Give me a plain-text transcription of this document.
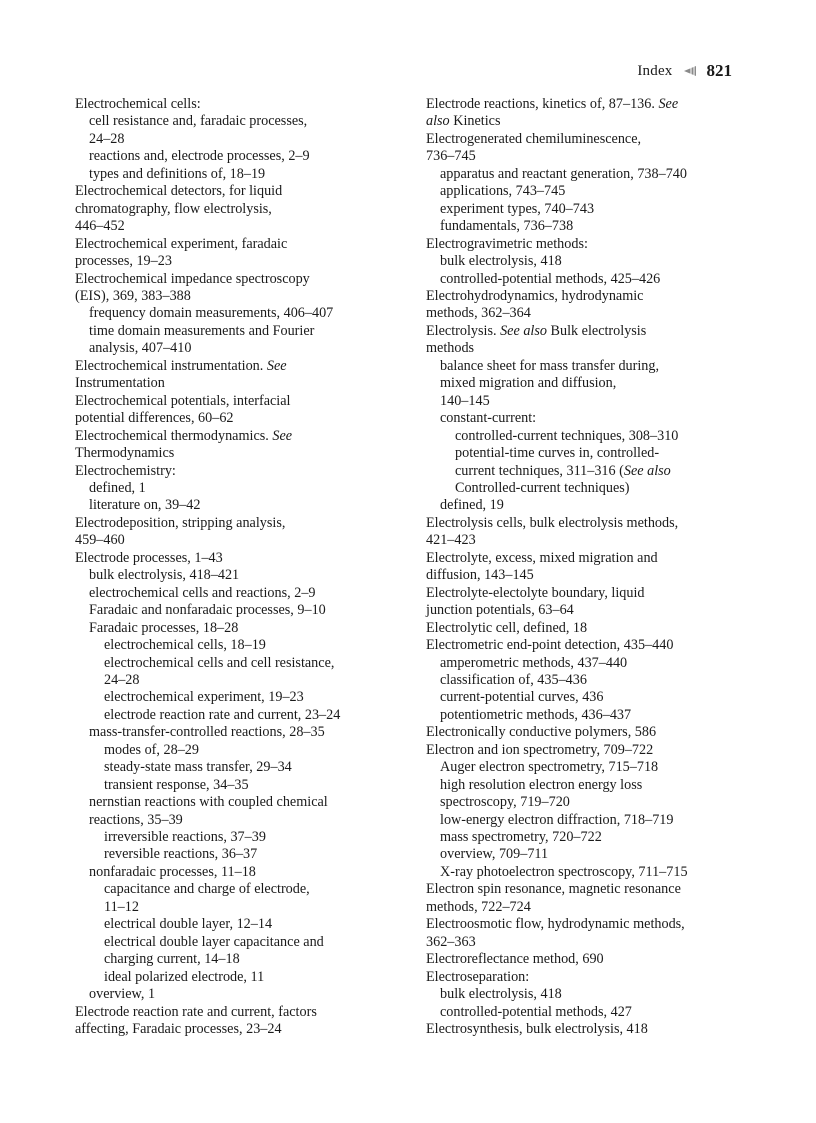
Index 821
Electrochemical cells:
cell resistance and, faradaic processes,
24–28
reactions and, electrode processes, 2–9
types and definitions of, 18–19
Electrochemical detectors, for liquid
chromatography, flow electrolysis,
446–452
Electrochemical experiment, faradaic
processes, 19–23
Electrochemical impedance spectroscopy
(EIS), 369, 383–388
frequency domain measurements, 406–407
time domain measurements and Fourier
analysis, 407–410
Electrochemical instrumentation. See
Instrumentation
Electrochemical potentials, interfacial
potential differences, 60–62
Electrochemical thermodynamics. See
Thermodynamics
Electrochemistry:
defined, 1
literature on, 39–42
Electrodeposition, stripping analysis,
459–460
Electrode processes, 1–43
bulk electrolysis, 418–421
electrochemical cells and reactions, 2–9
Faradaic and nonfaradaic processes, 9–10
Faradaic processes, 18–28
electrochemical cells, 18–19
electrochemical cells and cell resistance,
24–28
electrochemical experiment, 19–23
electrode reaction rate and current, 23–24
mass-transfer-controlled reactions, 28–35
modes of, 28–29
steady-state mass transfer, 29–34
transient response, 34–35
nernstian reactions with coupled chemical
reactions, 35–39
irreversible reactions, 37–39
reversible reactions, 36–37
nonfaradaic processes, 11–18
capacitance and charge of electrode,
11–12
electrical double layer, 12–14
electrical double layer capacitance and
charging current, 14–18
ideal polarized electrode, 11
overview, 1
Electrode reaction rate and current, factors
affecting, Faradaic processes, 23–24
Electrode reactions, kinetics of, 87–136. See
also Kinetics
Electrogenerated chemiluminescence,
736–745
apparatus and reactant generation, 738–740
applications, 743–745
experiment types, 740–743
fundamentals, 736–738
Electrogravimetric methods:
bulk electrolysis, 418
controlled-potential methods, 425–426
Electrohydrodynamics, hydrodynamic
methods, 362–364
Electrolysis. See also Bulk electrolysis
methods
balance sheet for mass transfer during,
mixed migration and diffusion,
140–145
constant-current:
controlled-current techniques, 308–310
potential-time curves in, controlled-
current techniques, 311–316 (See also
Controlled-current techniques)
defined, 19
Electrolysis cells, bulk electrolysis methods,
421–423
Electrolyte, excess, mixed migration and
diffusion, 143–145
Electrolyte-electolyte boundary, liquid
junction potentials, 63–64
Electrolytic cell, defined, 18
Electrometric end-point detection, 435–440
amperometric methods, 437–440
classification of, 435–436
current-potential curves, 436
potentiometric methods, 436–437
Electronically conductive polymers, 586
Electron and ion spectrometry, 709–722
Auger electron spectrometry, 715–718
high resolution electron energy loss
spectroscopy, 719–720
low-energy electron diffraction, 718–719
mass spectrometry, 720–722
overview, 709–711
X-ray photoelectron spectroscopy, 711–715
Electron spin resonance, magnetic resonance
methods, 722–724
Electroosmotic flow, hydrodynamic methods,
362–363
Electroreflectance method, 690
Electroseparation:
bulk electrolysis, 418
controlled-potential methods, 427
Electrosynthesis, bulk electrolysis, 418
